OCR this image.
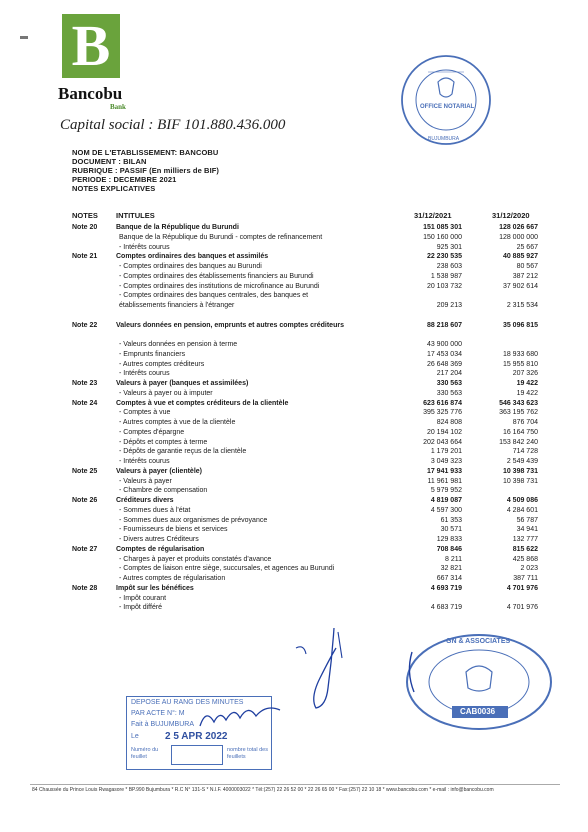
B
Bancobu
Bank
Capital social : BIF 101.880.436.000
OFFICE NOTARIAL
BUJUMBURA
NOM DE L'ETABLISSEMENT: BANCOBU
DOCUMENT : BILAN
RUBRIQUE : PASSIF (En milliers de BIF)
PERIODE : DECEMBRE 2021
NOTES EXPLICATIVES
NOTES INTITULES	31/12/2021	31/12/2020
Note 20	Banque de la République du Burundi	151 085 301	128 026 667
Banque de la République du Burundi - comptes de refinancement	150 160 000	128 000 000
- Intérêts courus	925 301	25 667
Note 21	Comptes ordinaires des banques et assimilés	22 230 535	40 885 927
- Comptes ordinaires des banques au Burundi	238 603	80 567
- Comptes ordinaires des établissements financiers au Burundi	1 538 987	387 212
- Comptes ordinaires des institutions de microfinance au Burundi	20 103 732	37 902 614
- Comptes ordinaires des banques centrales, des banques et
établissements financiers à l'étranger	209 213	2 315 534
Note 22	Valeurs données en pension, emprunts et autres comptes créditeurs	88 218 607	35 096 815
- Valeurs données en pension à terme	43 900 000
- Emprunts financiers	17 453 034	18 933 680
- Autres comptes créditeurs	26 648 369	15 955 810
- Intérêts courus	217 204	207 326
Note 23	Valeurs à payer (banques et assimilées)	330 563	19 422
- Valeurs à payer ou à imputer	330 563	19 422
Note 24	Comptes à vue et comptes créditeurs de la clientèle	623 616 874	546 343 623
- Comptes à vue	395 325 776	363 195 762
- Autres comptes à vue de la clientèle	824 808	876 704
- Comptes d'épargne	20 194 102	16 164 750
- Dépôts et comptes à terme	202 043 664	153 842 240
- Dépôts de garantie reçus de la clientèle	1 179 201	714 728
- Intérêts courus	3 049 323	2 549 439
Note 25	Valeurs à payer (clientèle)	17 941 933	10 398 731
- Valeurs à payer	11 961 981	10 398 731
- Chambre de compensation	5 979 952
Note 26	Créditeurs divers	4 819 087	4 509 086
- Sommes dues à l'état	4 597 300	4 284 601
- Sommes dues aux organismes de prévoyance	61 353	56 787
- Fournisseurs de biens et services	30 571	34 941
- Divers autres Créditeurs	129 833	132 777
Note 27	Comptes de régularisation	708 846	815 622
- Charges à payer et produits constatés d'avance	8 211	425 868
- Comptes de liaison entre siège, succursales, et agences au Burundi	32 821	2 023
- Autres comptes de régularisation	667 314	387 711
Note 28	Impôt sur les bénéfices	4 693 719	4 701 976
- Impôt courant
- Impôt différé	4 683 719	4 701 976
GN & ASSOCIATES
CAB0036
DEPOSE AU RANG DES MINUTES
PAR ACTE N°: M
Fait à BUJUMBURA
Le	2 5 APR 2022
Numéro du feuillet
nombre total des feuillets
84 Chaussée du Prince Louis Rwagasore * BP.990 Bujumbura * R.C N° 131-S * N.I.F. 4000003022 * Tél:(257) 22 26 52 00 * 22 26 65 00 * Fax:(257) 22 10 18 * www.bancobu.com * e-mail : info@bancobu.com
